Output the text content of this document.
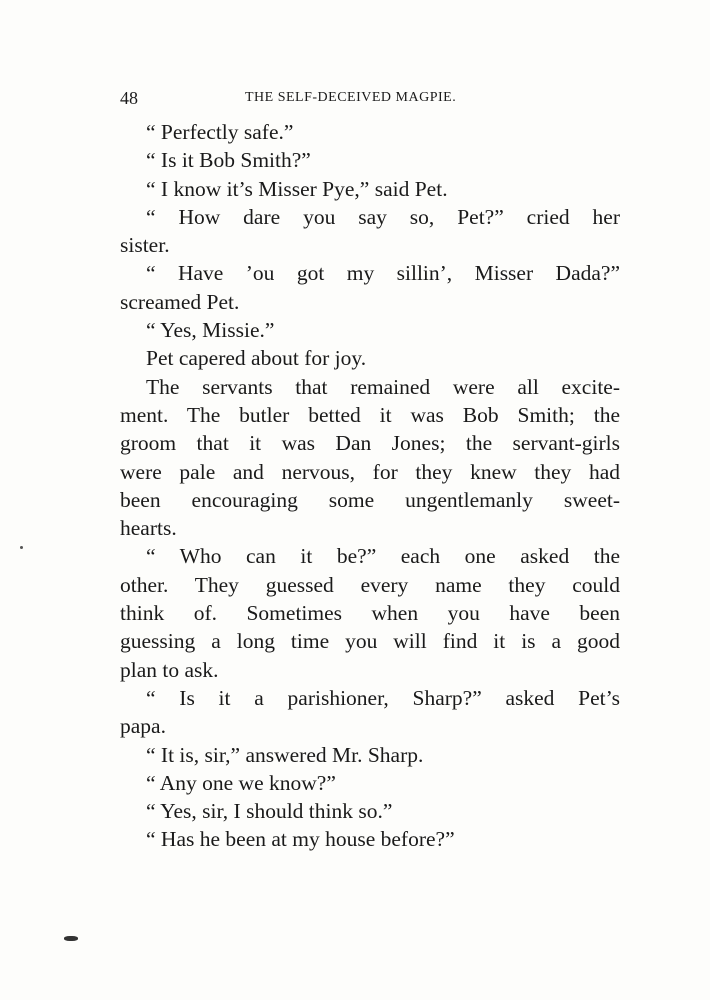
48	THE SELF-DECEIVED MAGPIE.
“ Perfectly safe.”
“ Is it Bob Smith?”
“ I know it’s Misser Pye,” said Pet.
“ How dare you say so, Pet?” cried her
sister.
“ Have ’ou got my sillin’, Misser Dada?”
screamed Pet.
“ Yes, Missie.”
Pet capered about for joy.
The servants that remained were all excite-
ment. The butler betted it was Bob Smith; the
groom that it was Dan Jones; the servant-girls
were pale and nervous, for they knew they had
been encouraging some ungentlemanly sweet-
hearts.
“ Who can it be?” each one asked the
other. They guessed every name they could
think of. Sometimes when you have been
guessing a long time you will find it is a good
plan to ask.
“ Is it a parishioner, Sharp?” asked Pet’s
papa.
“ It is, sir,” answered Mr. Sharp.
“ Any one we know?”
“ Yes, sir, I should think so.”
“ Has he been at my house before?”
